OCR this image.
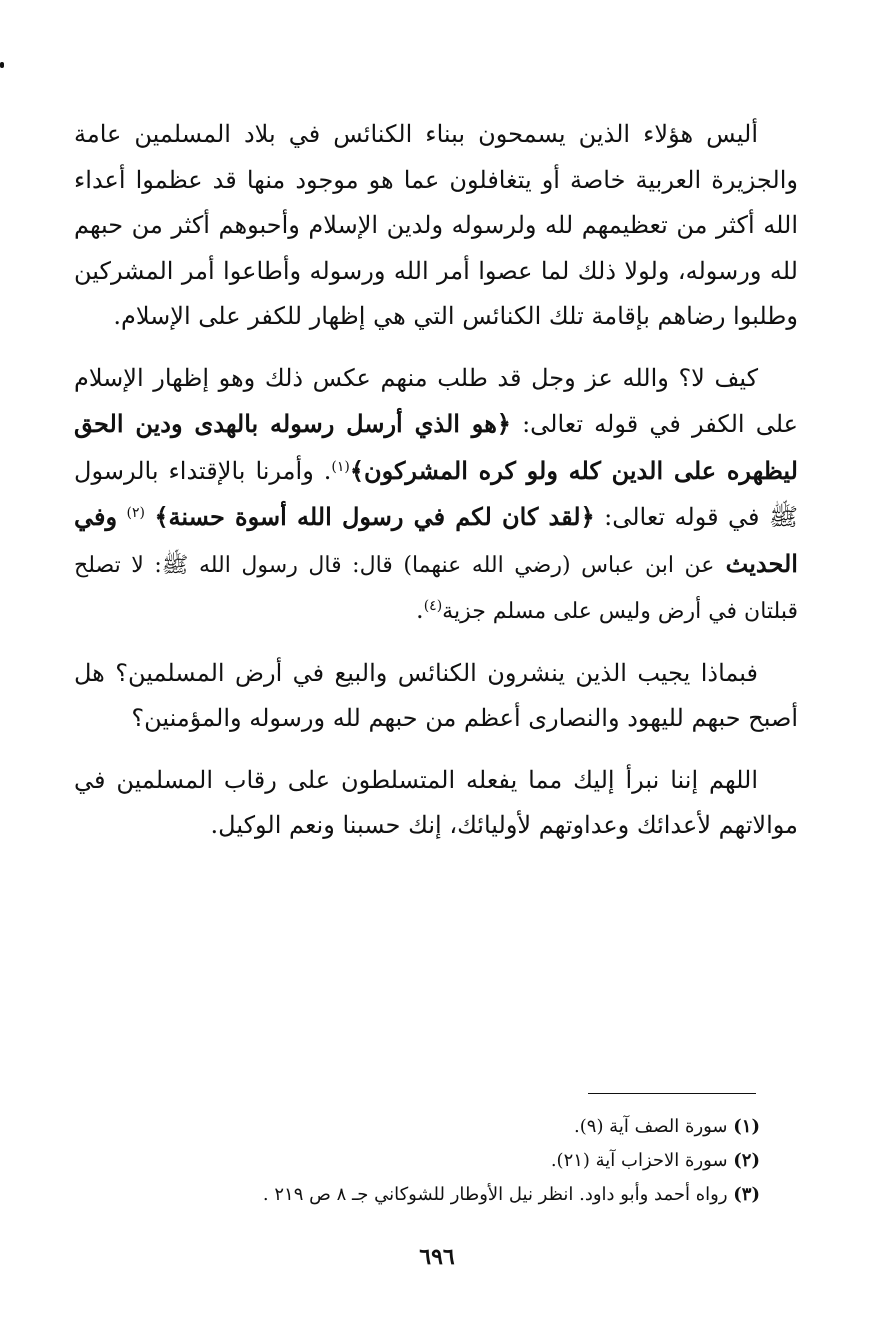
أليس هؤلاء الذين يسمحون ببناء الكنائس في بلاد المسلمين عامة والجزيرة العربية خاصة أو يتغافلون عما هو موجود منها قد عظموا أعداء الله أكثر من تعظيمهم لله ولرسوله ولدين الإسلام وأحبوهم أكثر من حبهم لله ورسوله، ولولا ذلك لما عصوا أمر الله ورسوله وأطاعوا أمر المشركين وطلبوا رضاهم بإقامة تلك الكنائس التي هي إظهار للكفر على الإسلام.

كيف لا؟ والله عز وجل قد طلب منهم عكس ذلك وهو إظهار الإسلام على الكفر في قوله تعالى: ﴿هو الذي أرسل رسوله بالهدى ودين الحق ليظهره على الدين كله ولو كره المشركون﴾$^{(١)}$. وأمرنا بالإقتداء بالرسول ﷺ في قوله تعالى: ﴿لقد كان لكم في رسول الله أسوة حسنة﴾ $^{(٢)}$ وفي الحديث عن ابن عباس (رضي الله عنهما) قال: قال رسول الله ﷺ: لا تصلح قبلتان في أرض وليس على مسلم جزية$^{(٤)}$.

فبماذا يجيب الذين ينشرون الكنائس والبيع في أرض المسلمين؟ هل أصبح حبهم لليهود والنصارى أعظم من حبهم لله ورسوله والمؤمنين؟

اللهم إننا نبرأ إليك مما يفعله المتسلطون على رقاب المسلمين في موالاتهم لأعدائك وعداوتهم لأوليائك، إنك حسبنا ونعم الوكيل.

(١) سورة الصف آية (٩).

(٢) سورة الاحزاب آية (٢١).

(٣) رواه أحمد وأبو داود. انظر نيل الأوطار للشوكاني جـ ٨ ص ٢١٩ .

٦٩٦
